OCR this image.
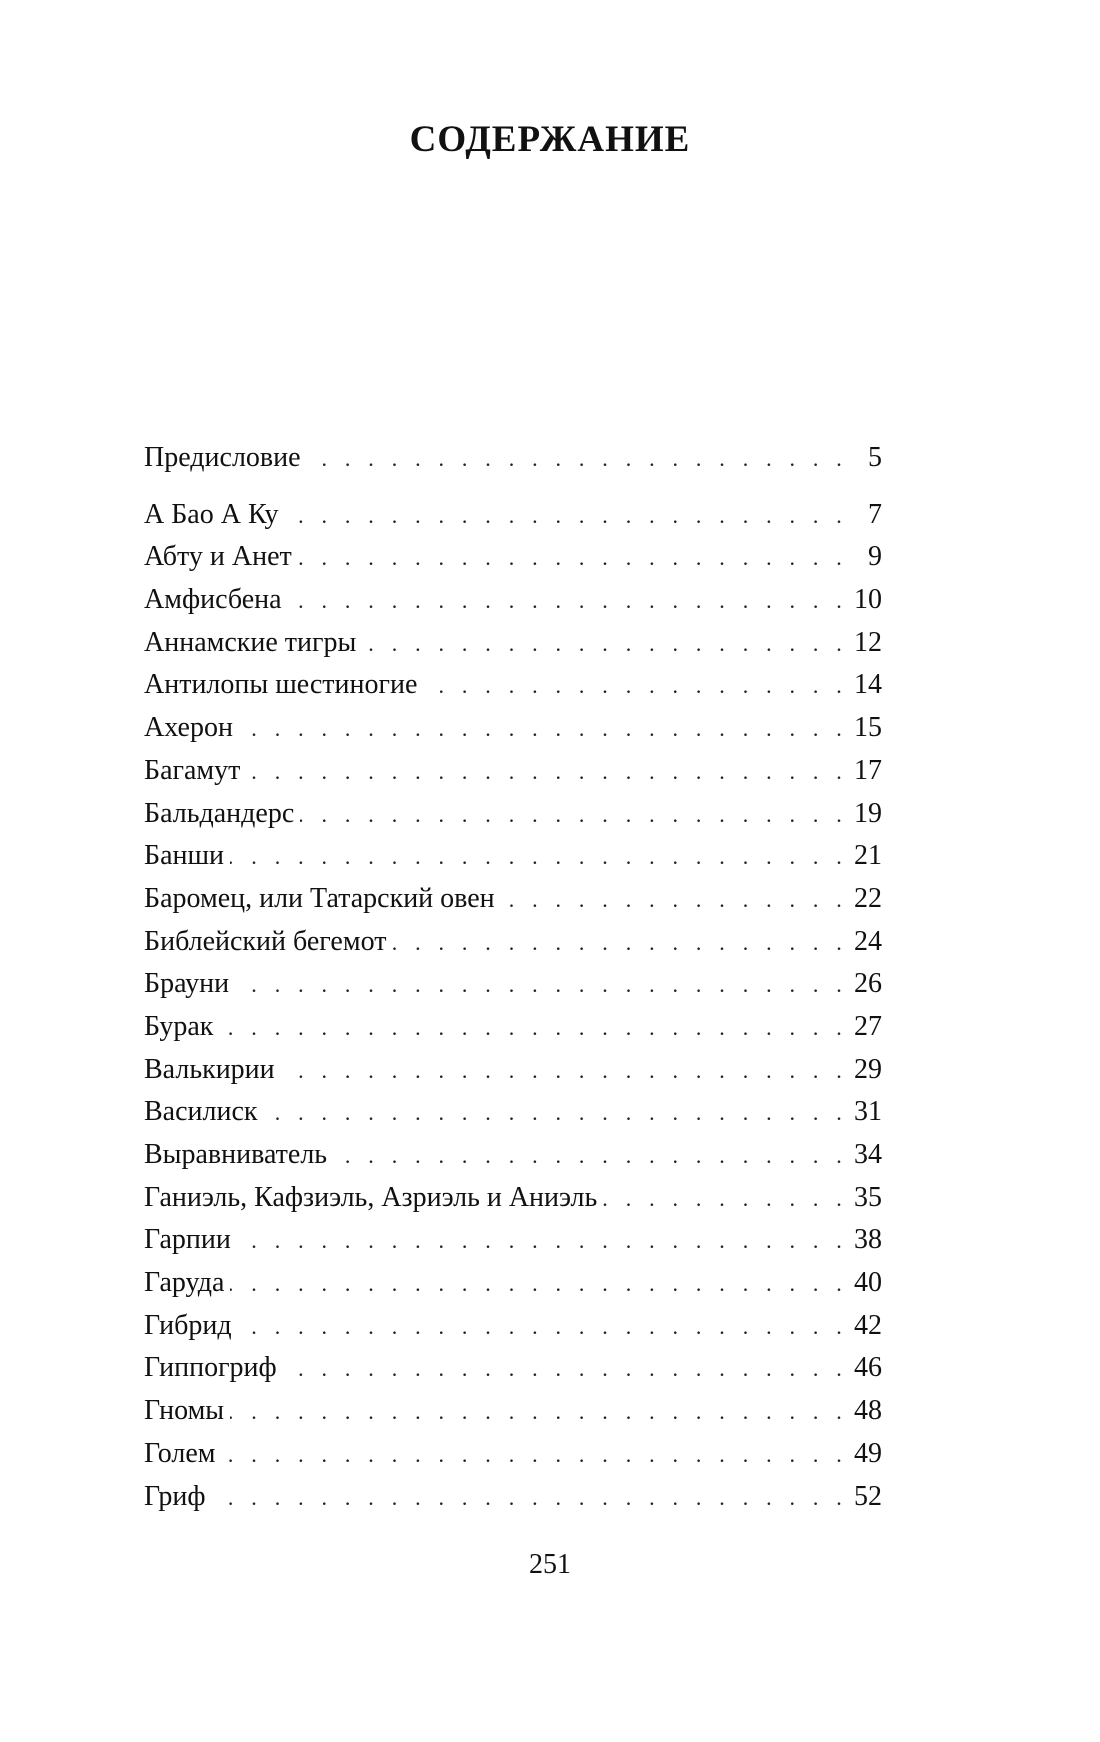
СОДЕРЖАНИЕ
Предисловие . . .	5
А Бао А Ку . . .	7
Абту и Анет . . .	9
Амфисбена . . .	10
Аннамские тигры . . .	12
Антилопы шестиногие . . .	14
Ахерон . . .	15
Багамут . . .	17
Бальдандерс . . .	19
Банши . . .	21
Баромец, или Татарский овен . . .	22
Библейский бегемот . . .	24
Брауни . . .	26
Бурак . . .	27
Валькирии . . .	29
Василиск . . .	31
Выравниватель . . .	34
Ганиэль, Кафзиэль, Азриэль и Аниэль . . .	35
Гарпии . . .	38
Гаруда . . .	40
Гибрид . . .	42
Гиппогриф . . .	46
Гномы . . .	48
Голем . . .	49
Гриф . . .	52
251
